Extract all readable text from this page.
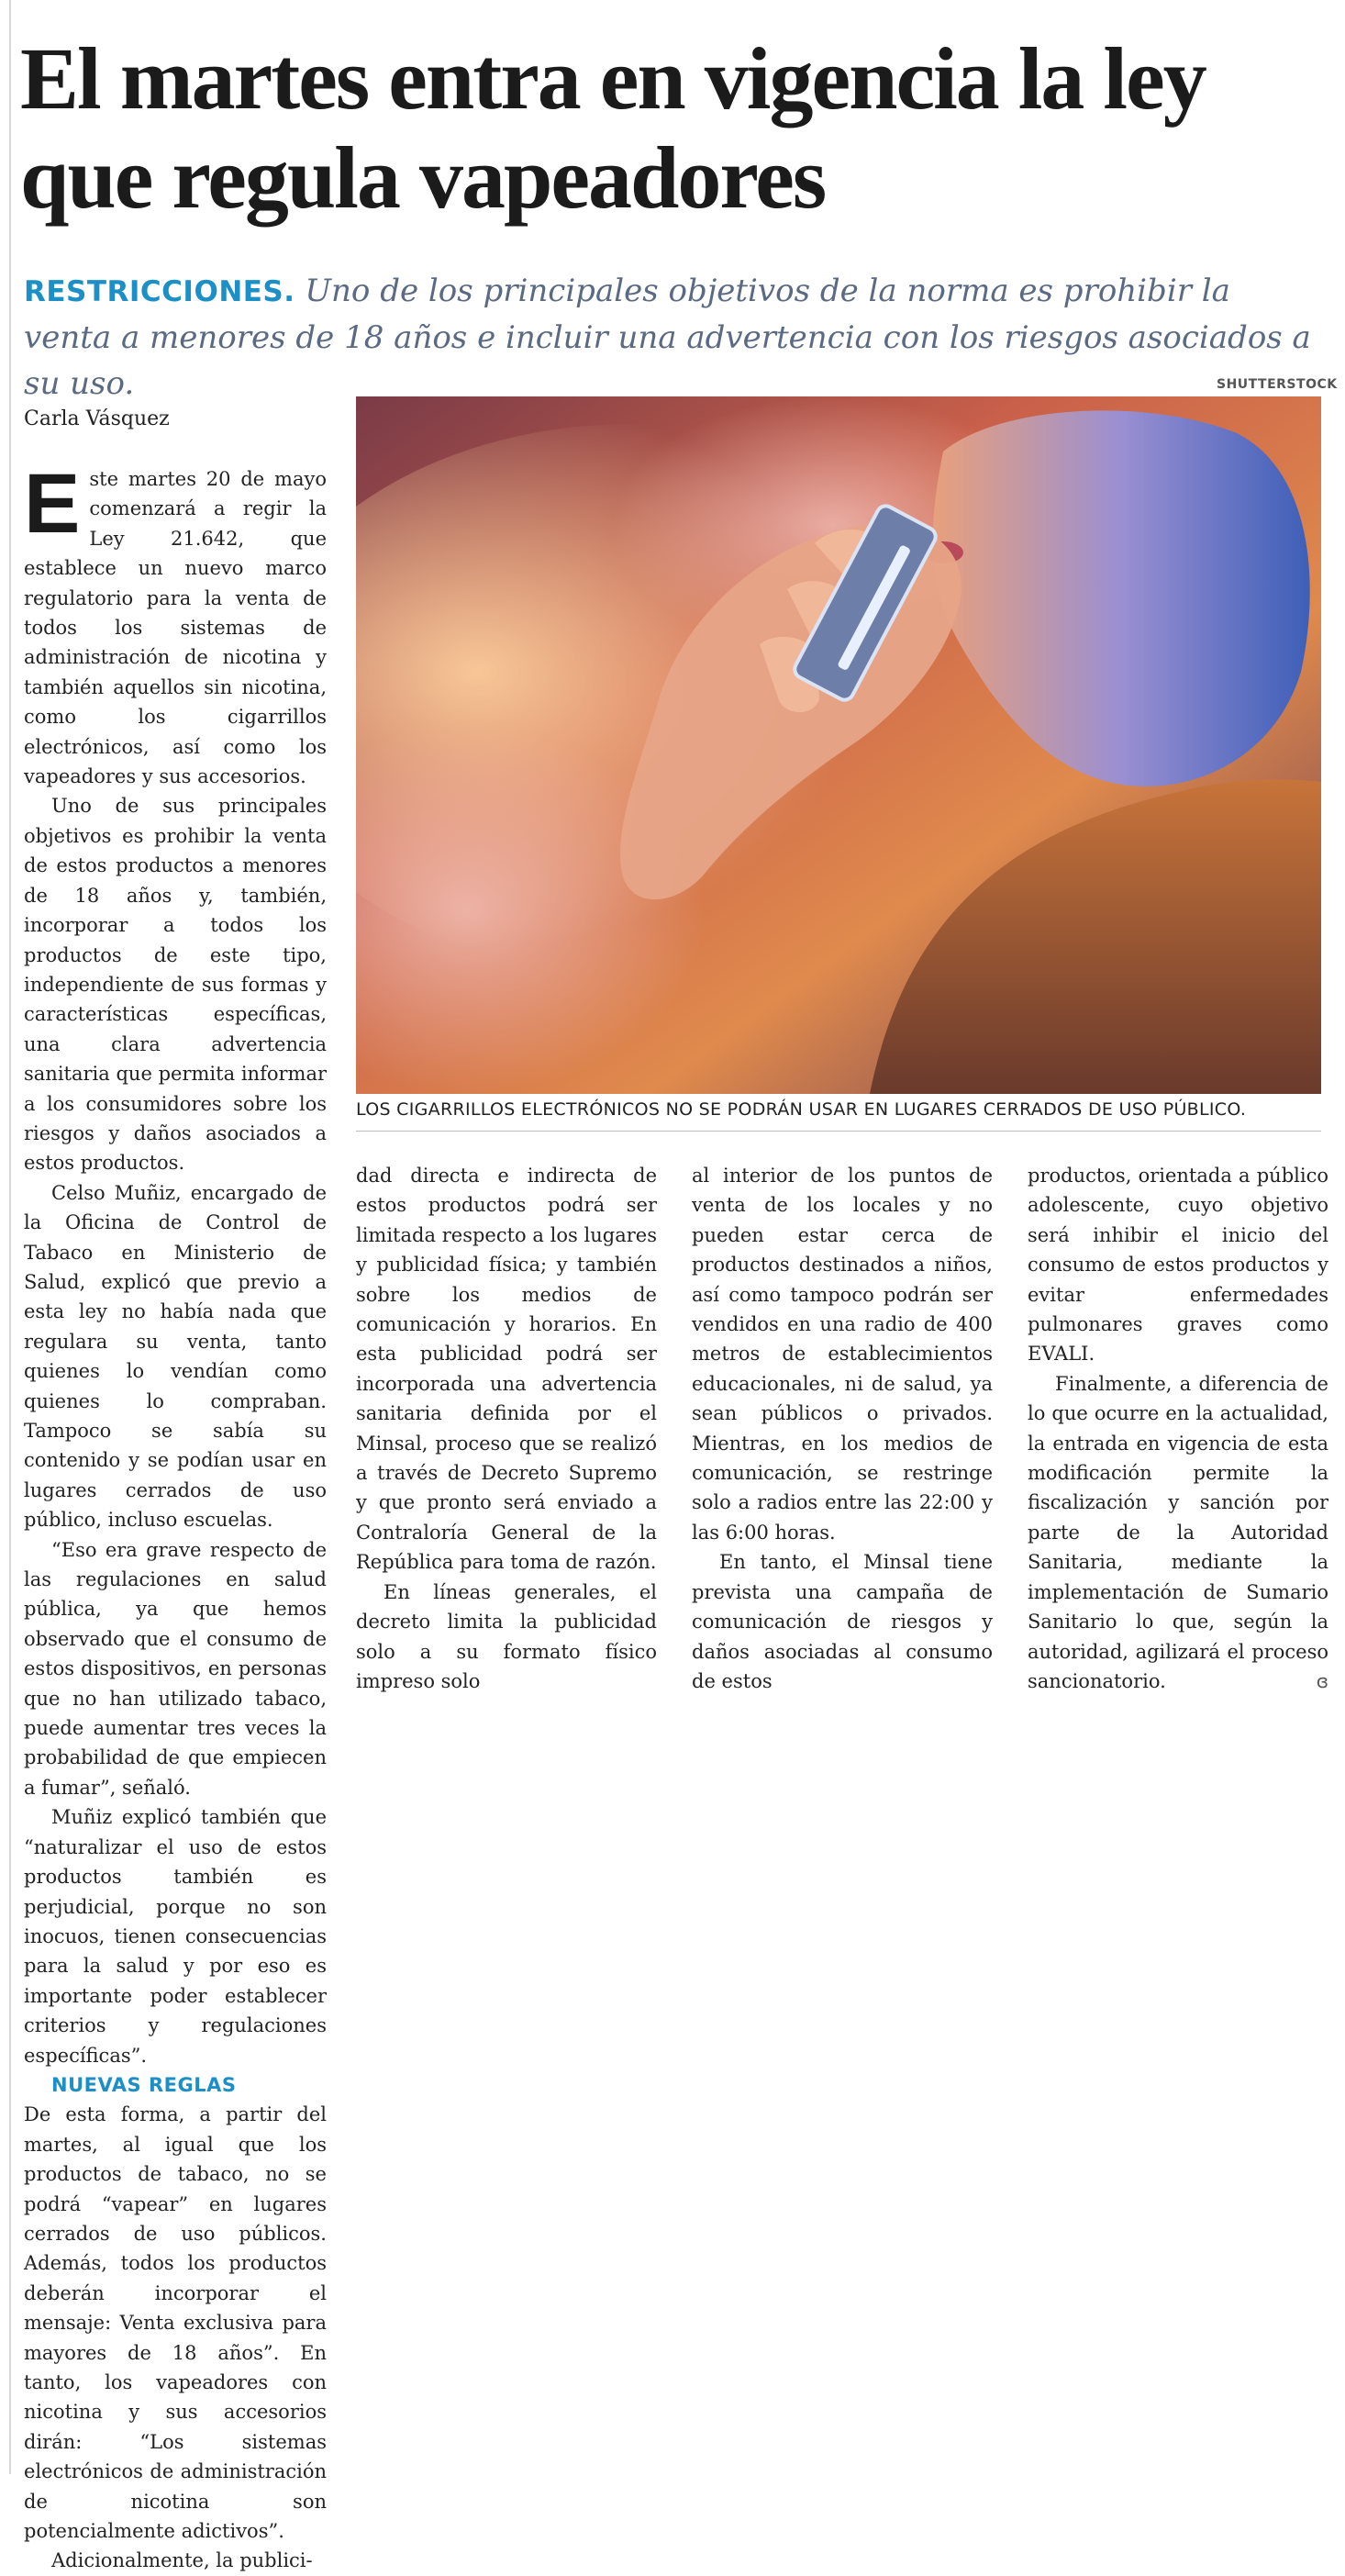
El martes entra en vigencia la ley que regula vapeadores

RESTRICCIONES. Uno de los principales objetivos de la norma es prohibir la venta a menores de 18 años e incluir una advertencia con los riesgos asociados a su uso.	SHUTTERSTOCK
LOS CIGARRILLOS ELECTRÓNICOS NO SE PODRÁN USAR EN LUGARES CERRADOS DE USO PÚBLICO.
Carla Vásquez

Este martes 20 de mayo comenzará a regir la Ley 21.642, que establece un nuevo marco regulatorio para la venta de todos los sistemas de administración de nicotina y también aquellos sin nicotina, como los cigarrillos electrónicos, así como los vapeadores y sus accesorios.

Uno de sus principales objetivos es prohibir la venta de estos productos a menores de 18 años y, también, incorporar a todos los productos de este tipo, independiente de sus formas y características específicas, una clara advertencia sanitaria que permita informar a los consumidores sobre los riesgos y daños asociados a estos productos.

Celso Muñiz, encargado de la Oficina de Control de Tabaco en Ministerio de Salud, explicó que previo a esta ley no había nada que regulara su venta, tanto quienes lo vendían como quienes lo compraban. Tampoco se sabía su contenido y se podían usar en lugares cerrados de uso público, incluso escuelas.

“Eso era grave respecto de las regulaciones en salud pública, ya que hemos observado que el consumo de estos dispositivos, en personas que no han utilizado tabaco, puede aumentar tres veces la probabilidad de que empiecen a fumar”, señaló.

Muñiz explicó también que “naturalizar el uso de estos productos también es perjudicial, porque no son inocuos, tienen consecuencias para la salud y por eso es importante poder establecer criterios y regulaciones específicas”.

NUEVAS REGLAS

De esta forma, a partir del martes, al igual que los productos de tabaco, no se podrá “vapear” en lugares cerrados de uso públicos. Además, todos los productos deberán incorporar el mensaje: Venta exclusiva para mayores de 18 años”. En tanto, los vapeadores con nicotina y sus accesorios dirán: “Los sistemas electrónicos de administración de nicotina son potencialmente adictivos”.

Adicionalmente, la publici-

dad directa e indirecta de estos productos podrá ser limitada respecto a los lugares y publicidad física; y también sobre los medios de comunicación y horarios. En esta publicidad podrá ser incorporada una advertencia sanitaria definida por el Minsal, proceso que se realizó a través de Decreto Supremo y que pronto será enviado a Contraloría General de la República para toma de razón.

En líneas generales, el decreto limita la publicidad solo a su formato físico impreso solo

al interior de los puntos de venta de los locales y no pueden estar cerca de productos destinados a niños, así como tampoco podrán ser vendidos en una radio de 400 metros de establecimientos educacionales, ni de salud, ya sean públicos o privados. Mientras, en los medios de comunicación, se restringe solo a radios entre las 22:00 y las 6:00 horas.

En tanto, el Minsal tiene prevista una campaña de comunicación de riesgos y daños asociadas al consumo de estos

productos, orientada a público adolescente, cuyo objetivo será inhibir el inicio del consumo de estos productos y evitar enfermedades pulmonares graves como EVALI.

Finalmente, a diferencia de lo que ocurre en la actualidad, la entrada en vigencia de esta modificación permite la fiscalización y sanción por parte de la Autoridad Sanitaria, mediante la implementación de Sumario Sanitario lo que, según la autoridad, agilizará el proceso sancionatorio.	ɞ
